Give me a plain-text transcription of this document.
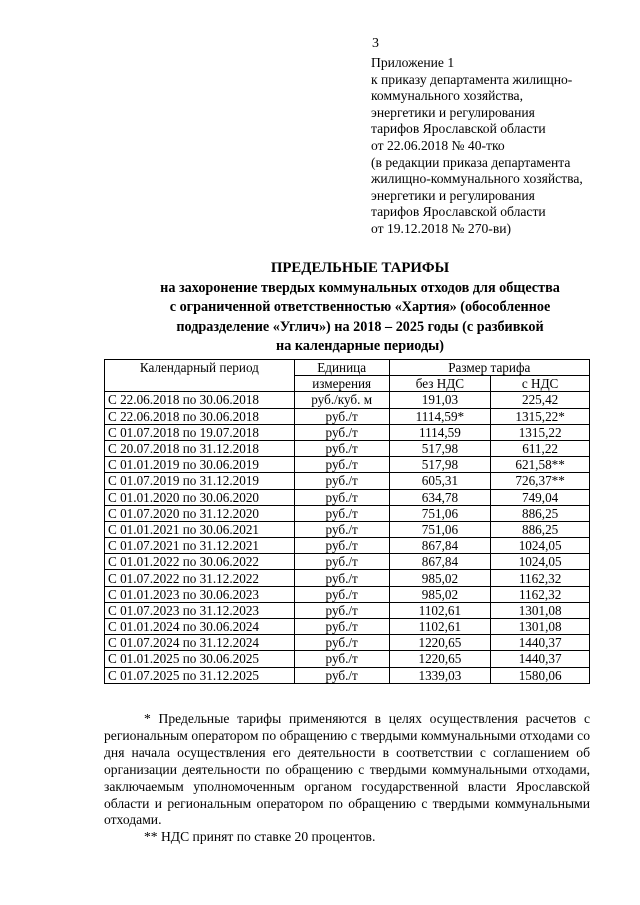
3
Приложение 1
к приказу департамента жилищно-
коммунального хозяйства,
энергетики и регулирования
тарифов Ярославской области
от 22.06.2018 № 40-тко
(в редакции приказа департамента
жилищно-коммунального хозяйства,
энергетики и регулирования
тарифов Ярославской области
от 19.12.2018 № 270-ви)
ПРЕДЕЛЬНЫЕ ТАРИФЫ
на захоронение твердых коммунальных отходов для общества
с ограниченной ответственностью «Хартия» (обособленное
подразделение «Углич») на 2018 – 2025 годы (с разбивкой
на календарные периоды)
Календарный период	Единица	Размер тарифа	
	измерения	без НДС	с НДС
С 22.06.2018 по 30.06.2018	руб./куб. м	191,03	225,42
С 22.06.2018 по 30.06.2018	руб./т	1114,59*	1315,22*
С 01.07.2018 по 19.07.2018	руб./т	1114,59	1315,22
С 20.07.2018 по 31.12.2018	руб./т	517,98	611,22
С 01.01.2019 по 30.06.2019	руб./т	517,98	621,58**
С 01.07.2019 по 31.12.2019	руб./т	605,31	726,37**
С 01.01.2020 по 30.06.2020	руб./т	634,78	749,04
С 01.07.2020 по 31.12.2020	руб./т	751,06	886,25
С 01.01.2021 по 30.06.2021	руб./т	751,06	886,25
С 01.07.2021 по 31.12.2021	руб./т	867,84	1024,05
С 01.01.2022 по 30.06.2022	руб./т	867,84	1024,05
С 01.07.2022 по 31.12.2022	руб./т	985,02	1162,32
С 01.01.2023 по 30.06.2023	руб./т	985,02	1162,32
С 01.07.2023 по 31.12.2023	руб./т	1102,61	1301,08
С 01.01.2024 по 30.06.2024	руб./т	1102,61	1301,08
С 01.07.2024 по 31.12.2024	руб./т	1220,65	1440,37
С 01.01.2025 по 30.06.2025	руб./т	1220,65	1440,37
С 01.07.2025 по 31.12.2025	руб./т	1339,03	1580,06

* Предельные тарифы применяются в целях осуществления расчетов с региональным оператором по обращению с твердыми коммунальными отходами со дня начала осуществления его деятельности в соответствии с соглашением об организации деятельности по обращению с твердыми коммунальными отходами, заключаемым уполномоченным органом государственной власти Ярославской области и региональным оператором по обращению с твердыми коммунальными отходами.

** НДС принят по ставке 20 процентов.
